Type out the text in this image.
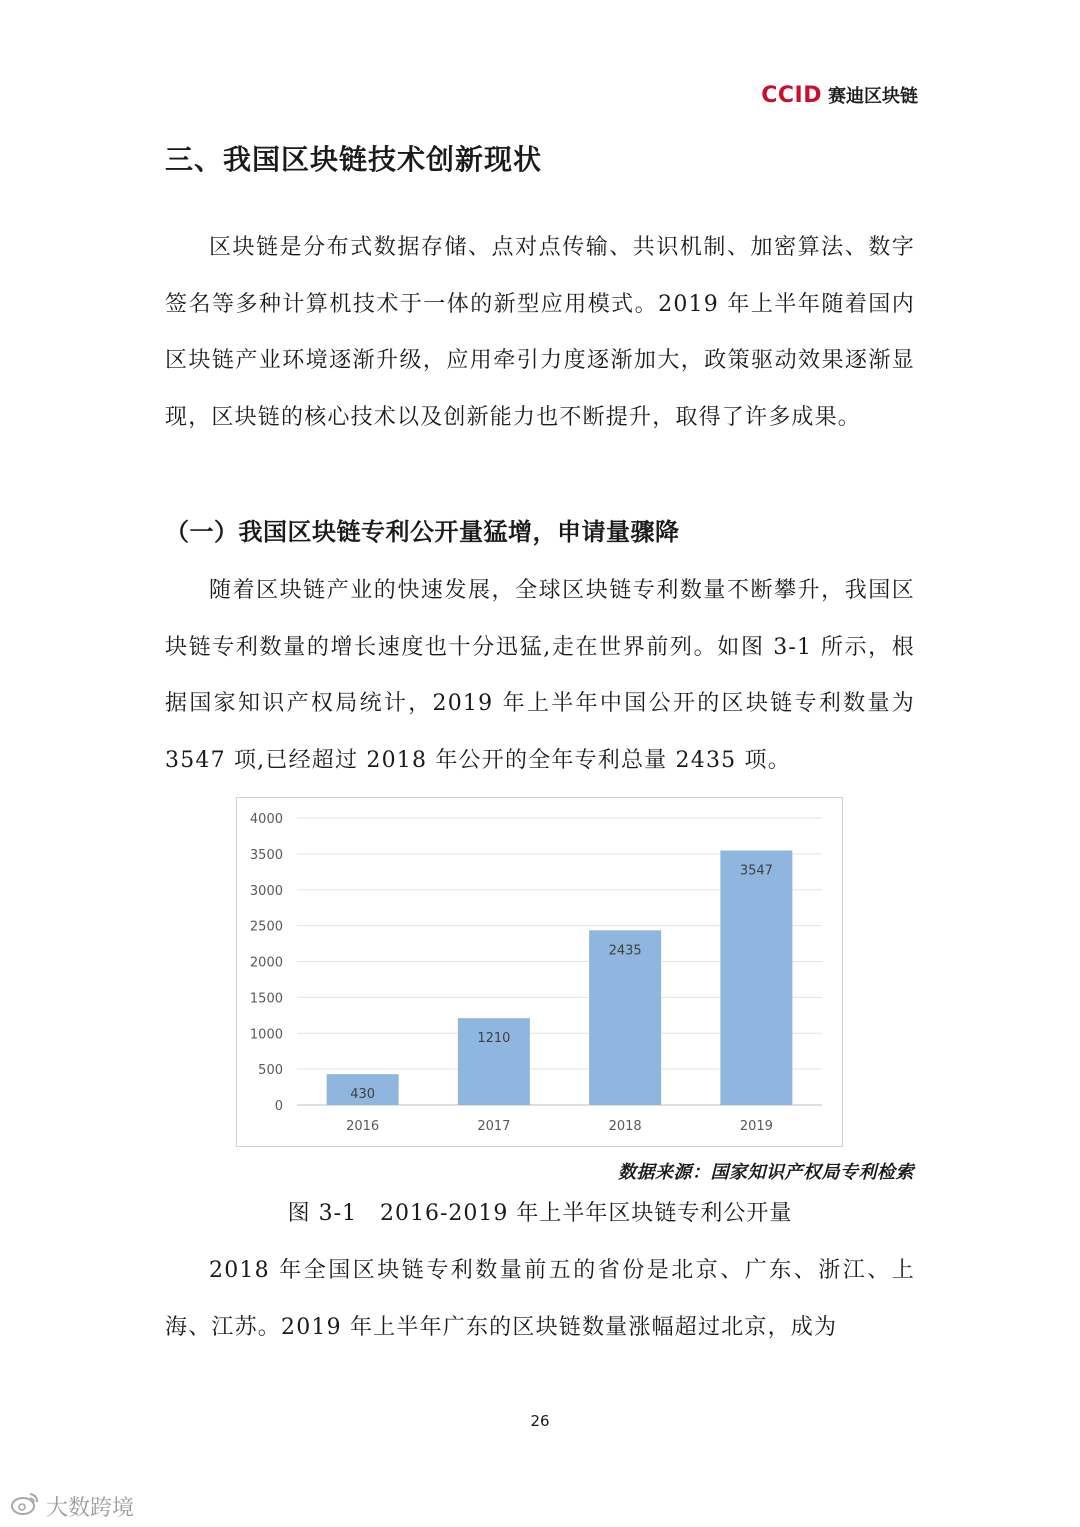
CCID 赛迪区块链
三、我国区块链技术创新现状

区块链是分布式数据存储、点对点传输、共识机制、加密算法、数字签名等多种计算机技术于一体的新型应用模式。2019 年上半年随着国内区块链产业环境逐渐升级，应用牵引力度逐渐加大，政策驱动效果逐渐显现，区块链的核心技术以及创新能力也不断提升，取得了许多成果。

（一）我国区块链专利公开量猛增，申请量骤降

随着区块链产业的快速发展，全球区块链专利数量不断攀升，我国区块链专利数量的增长速度也十分迅猛,走在世界前列。如图 3-1 所示，根据国家知识产权局统计，2019 年上半年中国公开的区块链专利数量为 3547 项,已经超过 2018 年公开的全年专利总量 2435 项。

0
500
1000
1500
2000
2500
3000
3500
4000
430
2016
1210
2017
2435
2018
3547
2019
数据来源：国家知识产权局专利检索
图 3-1　2016-2019 年上半年区块链专利公开量

2018 年全国区块链专利数量前五的省份是北京、广东、浙江、上海、江苏。2019 年上半年广东的区块链数量涨幅超过北京，成为

26
大数跨境
